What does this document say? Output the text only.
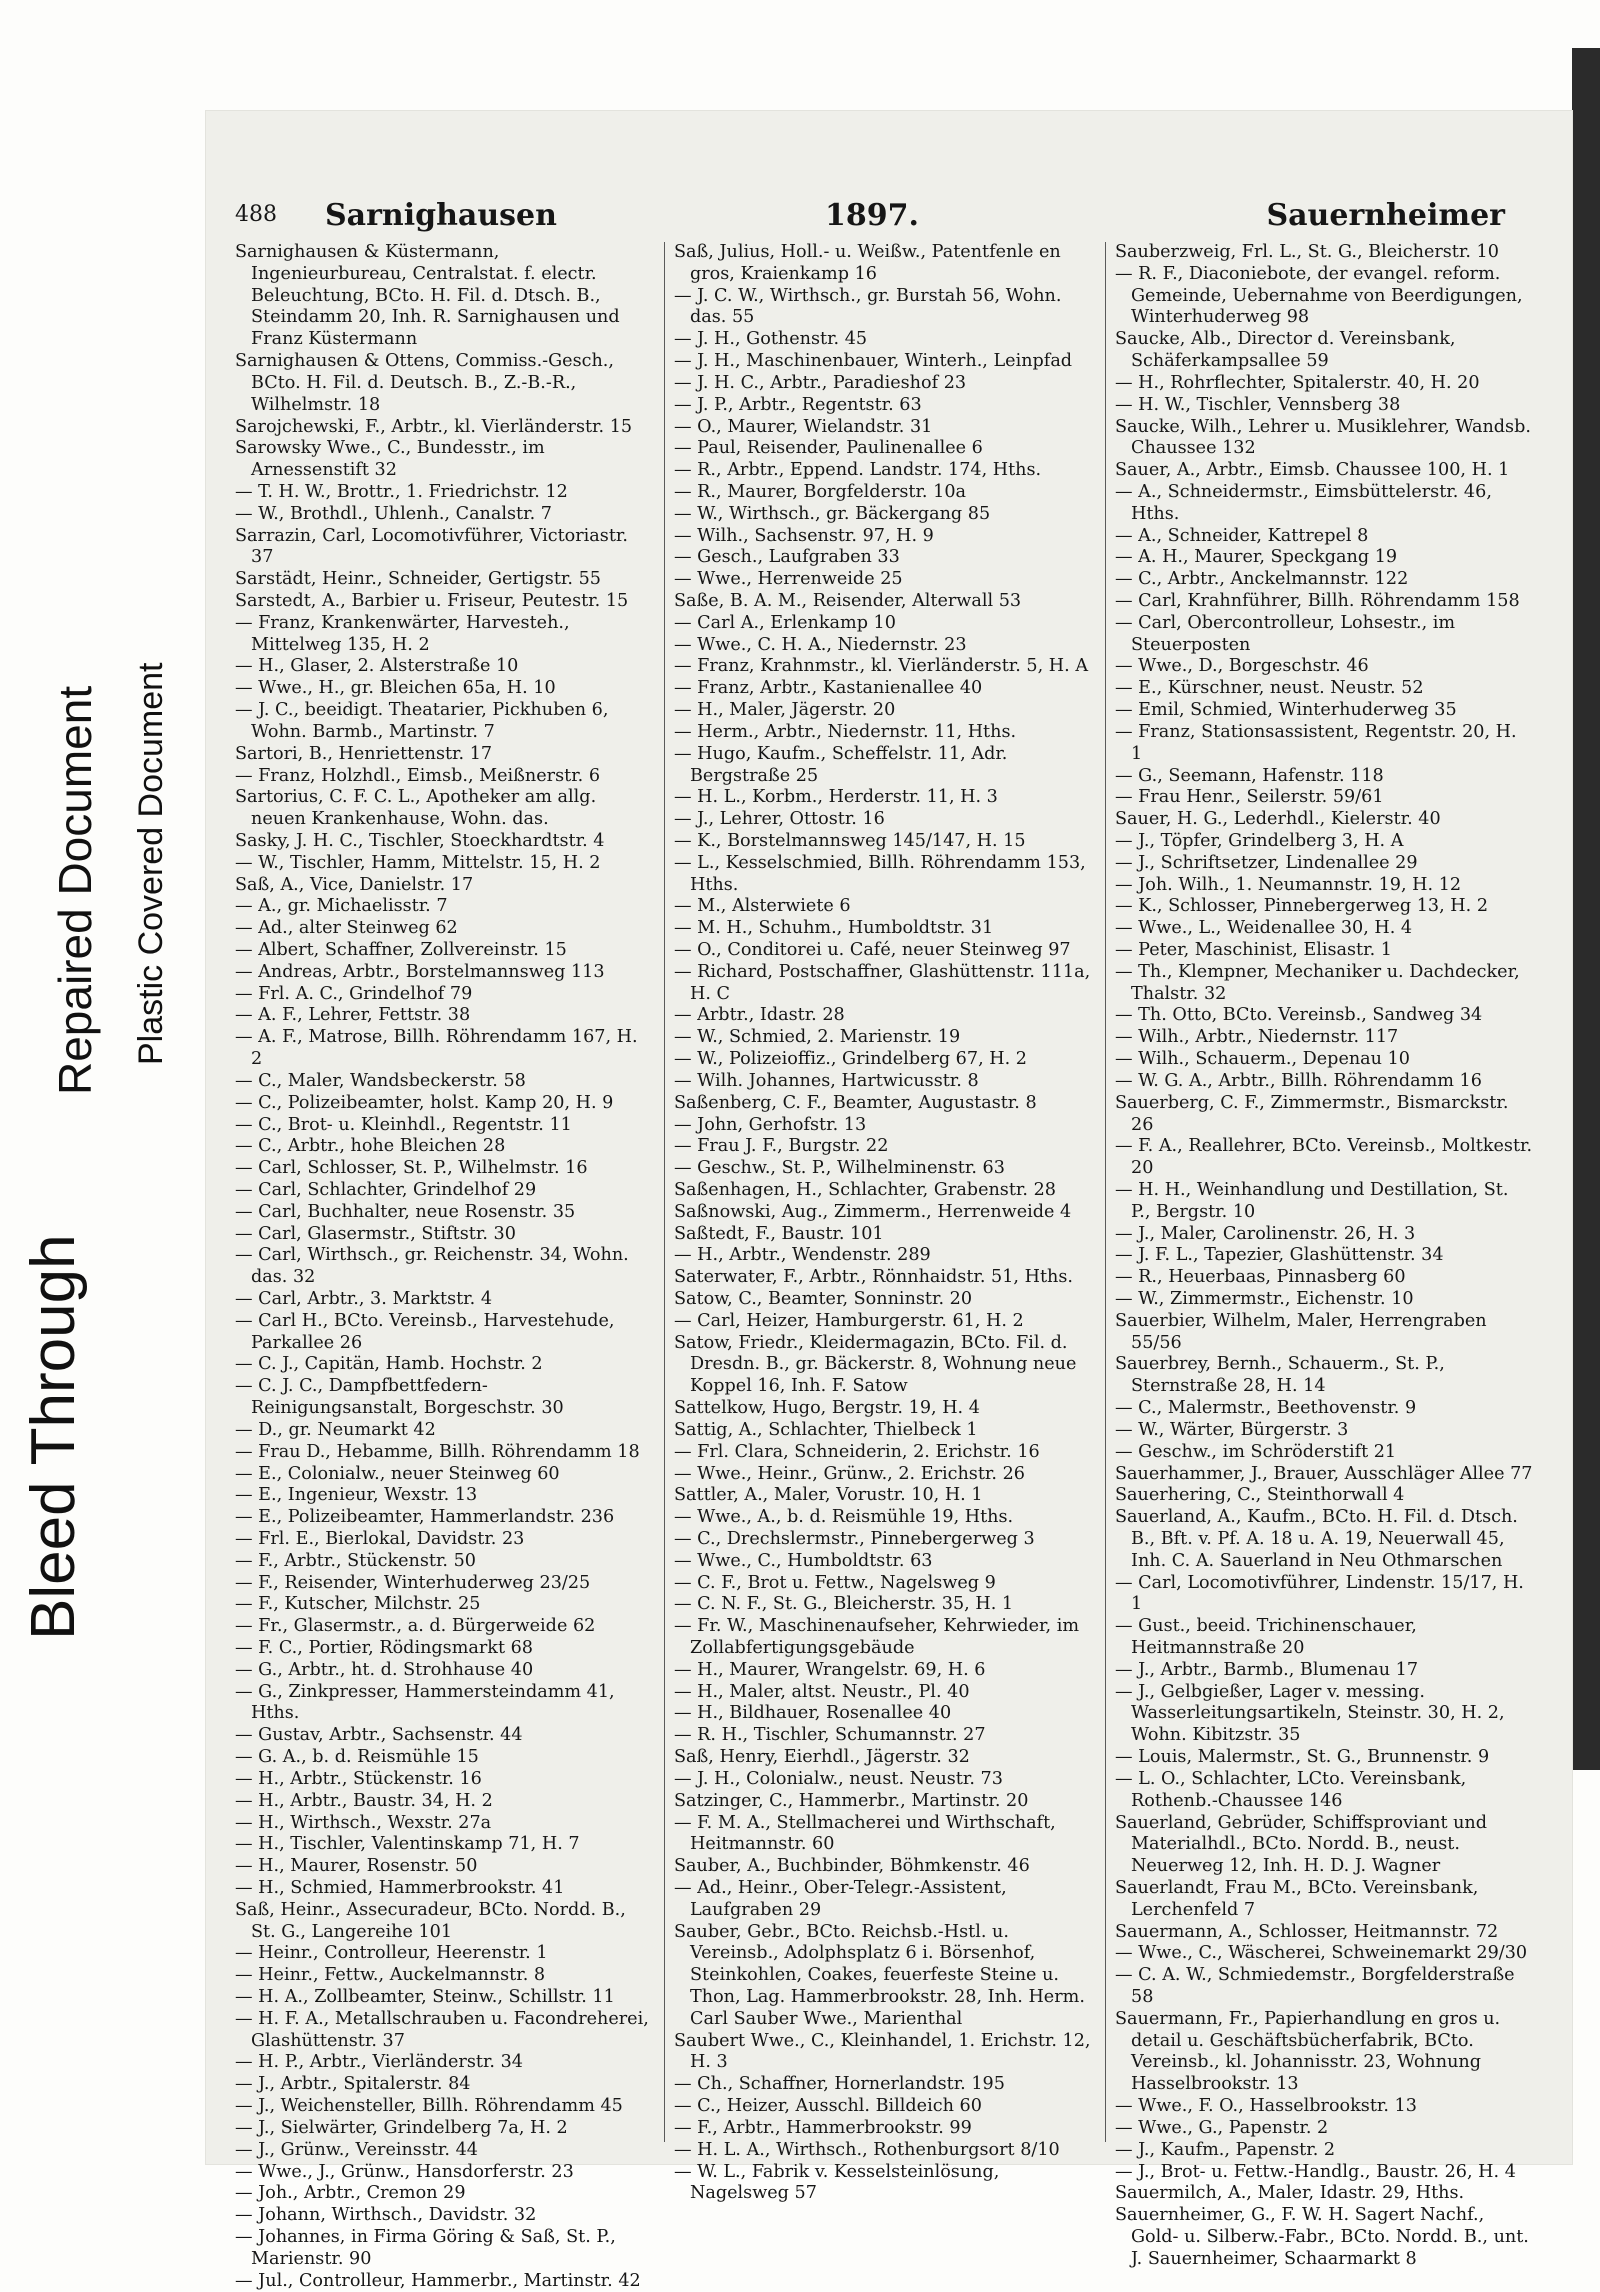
Bleed Through
Repaired Document Plastic Covered Document
488 Sarnighausen	1897.	Sauernheimer

Sarnighausen & Küstermann, Ingenieurbureau, Centralstat. f. electr. Beleuchtung, BCto. H. Fil. d. Dtsch. B., Steindamm 20, Inh. R. Sarnighausen und Franz Küstermann

Sarnighausen & Ottens, Commiss.-Gesch., BCto. H. Fil. d. Deutsch. B., Z.-B.-R., Wilhelmstr. 18

Sarojchewski, F., Arbtr., kl. Vierländerstr. 15

Sarowsky Wwe., C., Bundesstr., im Arnessenstift 32

— T. H. W., Brottr., 1. Friedrichstr. 12

— W., Brothdl., Uhlenh., Canalstr. 7

Sarrazin, Carl, Locomotivführer, Victoriastr. 37

Sarstädt, Heinr., Schneider, Gertigstr. 55

Sarstedt, A., Barbier u. Friseur, Peutestr. 15

— Franz, Krankenwärter, Harvesteh., Mittelweg 135, H. 2

— H., Glaser, 2. Alsterstraße 10

— Wwe., H., gr. Bleichen 65a, H. 10

— J. C., beeidigt. Theatarier, Pickhuben 6, Wohn. Barmb., Martinstr. 7

Sartori, B., Henriettenstr. 17

— Franz, Holzhdl., Eimsb., Meißnerstr. 6

Sartorius, C. F. C. L., Apotheker am allg. neuen Krankenhause, Wohn. das.

Sasky, J. H. C., Tischler, Stoeckhardtstr. 4

— W., Tischler, Hamm, Mittelstr. 15, H. 2

Saß, A., Vice, Danielstr. 17

— A., gr. Michaelisstr. 7

— Ad., alter Steinweg 62

— Albert, Schaffner, Zollvereinstr. 15

— Andreas, Arbtr., Borstelmannsweg 113

— Frl. A. C., Grindelhof 79

— A. F., Lehrer, Fettstr. 38

— A. F., Matrose, Billh. Röhrendamm 167, H. 2

— C., Maler, Wandsbeckerstr. 58

— C., Polizeibeamter, holst. Kamp 20, H. 9

— C., Brot- u. Kleinhdl., Regentstr. 11

— C., Arbtr., hohe Bleichen 28

— Carl, Schlosser, St. P., Wilhelmstr. 16

— Carl, Schlachter, Grindelhof 29

— Carl, Buchhalter, neue Rosenstr. 35

— Carl, Glasermstr., Stiftstr. 30

— Carl, Wirthsch., gr. Reichenstr. 34, Wohn. das. 32

— Carl, Arbtr., 3. Marktstr. 4

— Carl H., BCto. Vereinsb., Harvestehude, Parkallee 26

— C. J., Capitän, Hamb. Hochstr. 2

— C. J. C., Dampfbettfedern-Reinigungsanstalt, Borgeschstr. 30

— D., gr. Neumarkt 42

— Frau D., Hebamme, Billh. Röhrendamm 18

— E., Colonialw., neuer Steinweg 60

— E., Ingenieur, Wexstr. 13

— E., Polizeibeamter, Hammerlandstr. 236

— Frl. E., Bierlokal, Davidstr. 23

— F., Arbtr., Stückenstr. 50

— F., Reisender, Winterhuderweg 23/25

— F., Kutscher, Milchstr. 25

— Fr., Glasermstr., a. d. Bürgerweide 62

— F. C., Portier, Rödingsmarkt 68

— G., Arbtr., ht. d. Strohhause 40

— G., Zinkpresser, Hammersteindamm 41, Hths.

— Gustav, Arbtr., Sachsenstr. 44

— G. A., b. d. Reismühle 15

— H., Arbtr., Stückenstr. 16

— H., Arbtr., Baustr. 34, H. 2

— H., Wirthsch., Wexstr. 27a

— H., Tischler, Valentinskamp 71, H. 7

— H., Maurer, Rosenstr. 50

— H., Schmied, Hammerbrookstr. 41

Saß, Heinr., Assecuradeur, BCto. Nordd. B., St. G., Langereihe 101

— Heinr., Controlleur, Heerenstr. 1

— Heinr., Fettw., Auckelmannstr. 8

— H. A., Zollbeamter, Steinw., Schillstr. 11

— H. F. A., Metallschrauben u. Facondreherei, Glashüttenstr. 37

— H. P., Arbtr., Vierländerstr. 34

— J., Arbtr., Spitalerstr. 84

— J., Weichensteller, Billh. Röhrendamm 45

— J., Sielwärter, Grindelberg 7a, H. 2

— J., Grünw., Vereinsstr. 44

— Wwe., J., Grünw., Hansdorferstr. 23

— Joh., Arbtr., Cremon 29

— Johann, Wirthsch., Davidstr. 32

— Johannes, in Firma Göring & Saß, St. P., Marienstr. 90

— Jul., Controlleur, Hammerbr., Martinstr. 42

Saß, Julius, Holl.- u. Weißw., Patentfenle en gros, Kraienkamp 16

— J. C. W., Wirthsch., gr. Burstah 56, Wohn. das. 55

— J. H., Gothenstr. 45

— J. H., Maschinenbauer, Winterh., Leinpfad

— J. H. C., Arbtr., Paradieshof 23

— J. P., Arbtr., Regentstr. 63

— O., Maurer, Wielandstr. 31

— Paul, Reisender, Paulinenallee 6

— R., Arbtr., Eppend. Landstr. 174, Hths.

— R., Maurer, Borgfelderstr. 10a

— W., Wirthsch., gr. Bäckergang 85

— Wilh., Sachsenstr. 97, H. 9

— Gesch., Laufgraben 33

— Wwe., Herrenweide 25

Saße, B. A. M., Reisender, Alterwall 53

— Carl A., Erlenkamp 10

— Wwe., C. H. A., Niedernstr. 23

— Franz, Krahnmstr., kl. Vierländerstr. 5, H. A

— Franz, Arbtr., Kastanienallee 40

— H., Maler, Jägerstr. 20

— Herm., Arbtr., Niedernstr. 11, Hths.

— Hugo, Kaufm., Scheffelstr. 11, Adr. Bergstraße 25

— H. L., Korbm., Herderstr. 11, H. 3

— J., Lehrer, Ottostr. 16

— K., Borstelmannsweg 145/147, H. 15

— L., Kesselschmied, Billh. Röhrendamm 153, Hths.

— M., Alsterwiete 6

— M. H., Schuhm., Humboldtstr. 31

— O., Conditorei u. Café, neuer Steinweg 97

— Richard, Postschaffner, Glashüttenstr. 111a, H. C

— Arbtr., Idastr. 28

— W., Schmied, 2. Marienstr. 19

— W., Polizeioffiz., Grindelberg 67, H. 2

— Wilh. Johannes, Hartwicusstr. 8

Saßenberg, C. F., Beamter, Augustastr. 8

— John, Gerhofstr. 13

— Frau J. F., Burgstr. 22

— Geschw., St. P., Wilhelminenstr. 63

Saßenhagen, H., Schlachter, Grabenstr. 28

Saßnowski, Aug., Zimmerm., Herrenweide 4

Saßtedt, F., Baustr. 101

— H., Arbtr., Wendenstr. 289

Saterwater, F., Arbtr., Rönnhaidstr. 51, Hths.

Satow, C., Beamter, Sonninstr. 20

— Carl, Heizer, Hamburgerstr. 61, H. 2

Satow, Friedr., Kleidermagazin, BCto. Fil. d. Dresdn. B., gr. Bäckerstr. 8, Wohnung neue Koppel 16, Inh. F. Satow

Sattelkow, Hugo, Bergstr. 19, H. 4

Sattig, A., Schlachter, Thielbeck 1

— Frl. Clara, Schneiderin, 2. Erichstr. 16

— Wwe., Heinr., Grünw., 2. Erichstr. 26

Sattler, A., Maler, Vorustr. 10, H. 1

— Wwe., A., b. d. Reismühle 19, Hths.

— C., Drechslermstr., Pinnebergerweg 3

— Wwe., C., Humboldtstr. 63

— C. F., Brot u. Fettw., Nagelsweg 9

— C. N. F., St. G., Bleicherstr. 35, H. 1

— Fr. W., Maschinenaufseher, Kehrwieder, im Zollabfertigungsgebäude

— H., Maurer, Wrangelstr. 69, H. 6

— H., Maler, altst. Neustr., Pl. 40

— H., Bildhauer, Rosenallee 40

— R. H., Tischler, Schumannstr. 27

Saß, Henry, Eierhdl., Jägerstr. 32

— J. H., Colonialw., neust. Neustr. 73

Satzinger, C., Hammerbr., Martinstr. 20

— F. M. A., Stellmacherei und Wirthschaft, Heitmannstr. 60

Sauber, A., Buchbinder, Böhmkenstr. 46

— Ad., Heinr., Ober-Telegr.-Assistent, Laufgraben 29

Sauber, Gebr., BCto. Reichsb.-Hstl. u. Vereinsb., Adolphsplatz 6 i. Börsenhof, Steinkohlen, Coakes, feuerfeste Steine u. Thon, Lag. Hammerbrookstr. 28, Inh. Herm. Carl Sauber Wwe., Marienthal

Saubert Wwe., C., Kleinhandel, 1. Erichstr. 12, H. 3

— Ch., Schaffner, Hornerlandstr. 195

— C., Heizer, Ausschl. Billdeich 60

— F., Arbtr., Hammerbrookstr. 99

— H. L. A., Wirthsch., Rothenburgsort 8/10

— W. L., Fabrik v. Kesselsteinlösung, Nagelsweg 57

Sauberzweig, Frl. L., St. G., Bleicherstr. 10

— R. F., Diaconiebote, der evangel. reform. Gemeinde, Uebernahme von Beerdigungen, Winterhuderweg 98

Saucke, Alb., Director d. Vereinsbank, Schäferkampsallee 59

— H., Rohrflechter, Spitalerstr. 40, H. 20

— H. W., Tischler, Vennsberg 38

Saucke, Wilh., Lehrer u. Musiklehrer, Wandsb. Chaussee 132

Sauer, A., Arbtr., Eimsb. Chaussee 100, H. 1

— A., Schneidermstr., Eimsbüttelerstr. 46, Hths.

— A., Schneider, Kattrepel 8

— A. H., Maurer, Speckgang 19

— C., Arbtr., Anckelmannstr. 122

— Carl, Krahnführer, Billh. Röhrendamm 158

— Carl, Obercontrolleur, Lohsestr., im Steuerposten

— Wwe., D., Borgeschstr. 46

— E., Kürschner, neust. Neustr. 52

— Emil, Schmied, Winterhuderweg 35

— Franz, Stationsassistent, Regentstr. 20, H. 1

— G., Seemann, Hafenstr. 118

— Frau Henr., Seilerstr. 59/61

Sauer, H. G., Lederhdl., Kielerstr. 40

— J., Töpfer, Grindelberg 3, H. A

— J., Schriftsetzer, Lindenallee 29

— Joh. Wilh., 1. Neumannstr. 19, H. 12

— K., Schlosser, Pinnebergerweg 13, H. 2

— Wwe., L., Weidenallee 30, H. 4

— Peter, Maschinist, Elisastr. 1

— Th., Klempner, Mechaniker u. Dachdecker, Thalstr. 32

— Th. Otto, BCto. Vereinsb., Sandweg 34

— Wilh., Arbtr., Niedernstr. 117

— Wilh., Schauerm., Depenau 10

— W. G. A., Arbtr., Billh. Röhrendamm 16

Sauerberg, C. F., Zimmermstr., Bismarckstr. 26

— F. A., Reallehrer, BCto. Vereinsb., Moltkestr. 20

— H. H., Weinhandlung und Destillation, St. P., Bergstr. 10

— J., Maler, Carolinenstr. 26, H. 3

— J. F. L., Tapezier, Glashüttenstr. 34

— R., Heuerbaas, Pinnasberg 60

— W., Zimmermstr., Eichenstr. 10

Sauerbier, Wilhelm, Maler, Herrengraben 55/56

Sauerbrey, Bernh., Schauerm., St. P., Sternstraße 28, H. 14

— C., Malermstr., Beethovenstr. 9

— W., Wärter, Bürgerstr. 3

— Geschw., im Schröderstift 21

Sauerhammer, J., Brauer, Ausschläger Allee 77

Sauerhering, C., Steinthorwall 4

Sauerland, A., Kaufm., BCto. H. Fil. d. Dtsch. B., Bft. v. Pf. A. 18 u. A. 19, Neuerwall 45, Inh. C. A. Sauerland in Neu Othmarschen

— Carl, Locomotivführer, Lindenstr. 15/17, H. 1

— Gust., beeid. Trichinenschauer, Heitmannstraße 20

— J., Arbtr., Barmb., Blumenau 17

— J., Gelbgießer, Lager v. messing. Wasserleitungsartikeln, Steinstr. 30, H. 2, Wohn. Kibitzstr. 35

— Louis, Malermstr., St. G., Brunnenstr. 9

— L. O., Schlachter, LCto. Vereinsbank, Rothenb.-Chaussee 146

Sauerland, Gebrüder, Schiffsproviant und Materialhdl., BCto. Nordd. B., neust. Neuerweg 12, Inh. H. D. J. Wagner

Sauerlandt, Frau M., BCto. Vereinsbank, Lerchenfeld 7

Sauermann, A., Schlosser, Heitmannstr. 72

— Wwe., C., Wäscherei, Schweinemarkt 29/30

— C. A. W., Schmiedemstr., Borgfelderstraße 58

Sauermann, Fr., Papierhandlung en gros u. detail u. Geschäftsbücherfabrik, BCto. Vereinsb., kl. Johannisstr. 23, Wohnung Hasselbrookstr. 13

— Wwe., F. O., Hasselbrookstr. 13

— Wwe., G., Papenstr. 2

— J., Kaufm., Papenstr. 2

— J., Brot- u. Fettw.-Handlg., Baustr. 26, H. 4

Sauermilch, A., Maler, Idastr. 29, Hths.

Sauernheimer, G., F. W. H. Sagert Nachf., Gold- u. Silberw.-Fabr., BCto. Nordd. B., unt. J. Sauernheimer, Schaarmarkt 8
